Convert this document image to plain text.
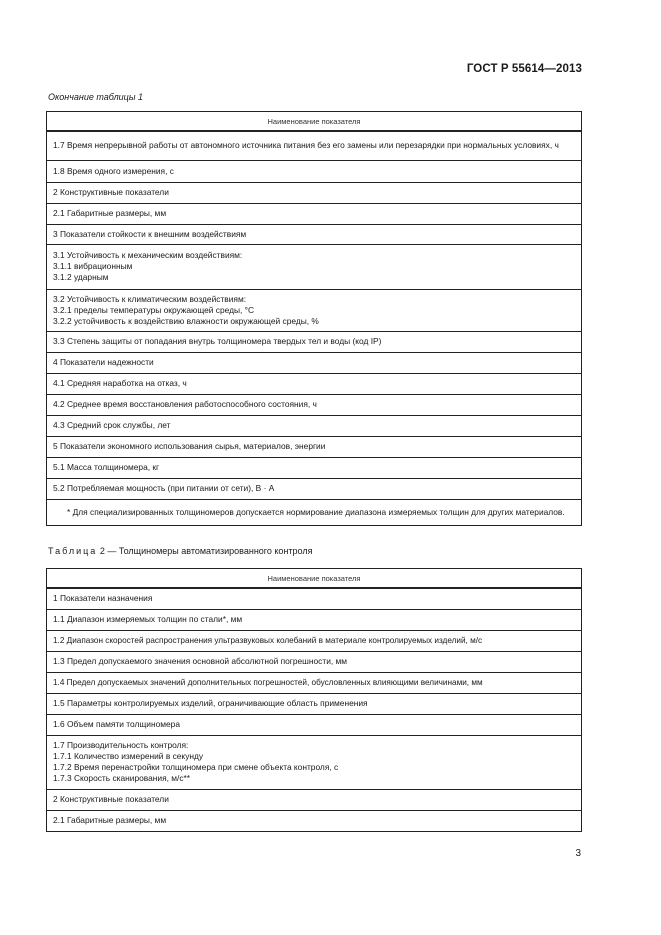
ГОСТ Р 55614—2013
Окончание таблицы 1
Наименование показателя
1.7 Время непрерывной работы от автономного источника питания без его замены или перезарядки при нормальных условиях, ч
1.8 Время одного измерения, с
2 Конструктивные показатели
2.1 Габаритные размеры, мм
3 Показатели стойкости к внешним воздействиям

3.1 Устойчивость к механическим воздействиям:
3.1.1 вибрационным
3.1.2 ударным

3.2 Устойчивость к климатическим воздействиям:
3.2.1 пределы температуры окружающей среды, °С
3.2.2 устойчивость к воздействию влажности окружающей среды, %

3.3 Степень защиты от попадания внутрь толщиномера твердых тел и воды (код IP)
4 Показатели надежности
4.1 Средняя наработка на отказ, ч
4.2 Среднее время восстановления работоспособного состояния, ч
4.3 Средний срок службы, лет
5 Показатели экономного использования сырья, материалов, энергии
5.1 Масса толщиномера, кг
5.2 Потребляемая мощность (при питании от сети), В · А
* Для специализированных толщиномеров допускается нормирование диапазона измеряемых толщин для других материалов.
Таблица 2 — Толщиномеры автоматизированного контроля
Наименование показателя
1 Показатели назначения
1.1 Диапазон измеряемых толщин по стали*, мм
1.2 Диапазон скоростей распространения ультразвуковых колебаний в материале контролируемых изделий, м/с
1.3 Предел допускаемого значения основной абсолютной погрешности, мм
1.4 Предел допускаемых значений дополнительных погрешностей, обусловленных влияющими величинами, мм
1.5 Параметры контролируемых изделий, ограничивающие область применения
1.6 Объем памяти толщиномера

1.7 Производительность контроля:
1.7.1 Количество измерений в секунду
1.7.2 Время перенастройки толщиномера при смене объекта контроля, с
1.7.3 Скорость сканирования, м/с**

2 Конструктивные показатели
2.1 Габаритные размеры, мм
3
